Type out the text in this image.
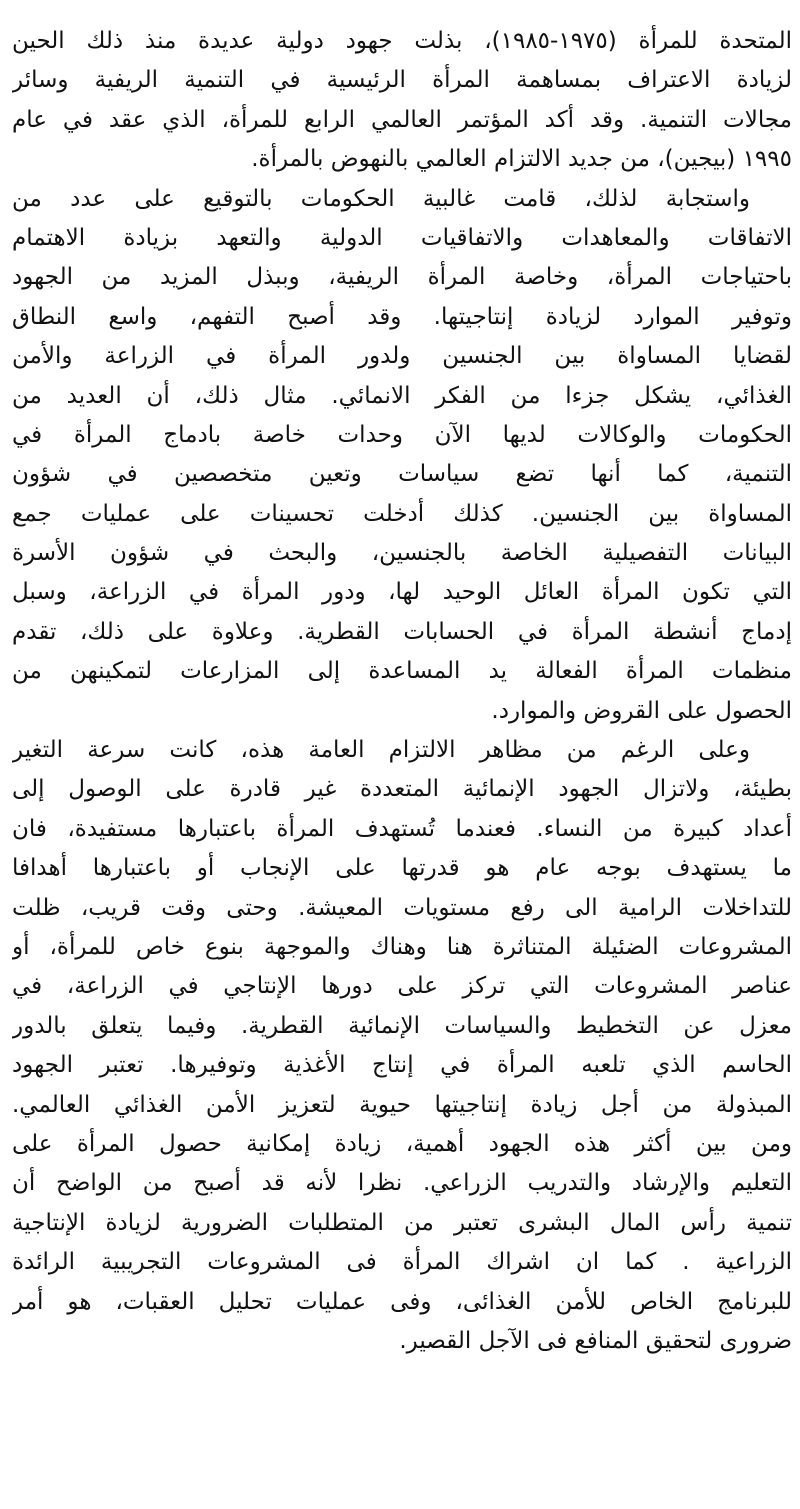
المتحدة للمرأة (١٩٧٥-١٩٨٥)، بذلت جهود دولية عديدة منذ ذلك الحين
لزيادة الاعتراف بمساهمة المرأة الرئيسية في التنمية الريفية وسائر
مجالات التنمية. وقد أكد المؤتمر العالمي الرابع للمرأة، الذي عقد في عام
١٩٩٥ (بيجين)، من جديد الالتزام العالمي بالنهوض بالمرأة.
واستجابة لذلك، قامت غالبية الحكومات بالتوقيع على عدد من
الاتفاقات والمعاهدات والاتفاقيات الدولية والتعهد بزيادة الاهتمام
باحتياجات المرأة، وخاصة المرأة الريفية، وببذل المزيد من الجهود
وتوفير الموارد لزيادة إنتاجيتها. وقد أصبح التفهم، واسع النطاق
لقضايا المساواة بين الجنسين ولدور المرأة في الزراعة والأمن
الغذائي، يشكل جزءا من الفكر الانمائي. مثال ذلك، أن العديد من
الحكومات والوكالات لديها الآن وحدات خاصة بادماج المرأة في
التنمية، كما أنها تضع سياسات وتعين متخصصين في شؤون
المساواة بين الجنسين. كذلك أدخلت تحسينات على عمليات جمع
البيانات التفصيلية الخاصة بالجنسين، والبحث في شؤون الأسرة
التي تكون المرأة العائل الوحيد لها، ودور المرأة في الزراعة، وسبل
إدماج أنشطة المرأة في الحسابات القطرية. وعلاوة على ذلك، تقدم
منظمات المرأة الفعالة يد المساعدة إلى المزارعات لتمكينهن من
الحصول على القروض والموارد.
وعلى الرغم من مظاهر الالتزام العامة هذه، كانت سرعة التغير
بطيئة، ولاتزال الجهود الإنمائية المتعددة غير قادرة على الوصول إلى
أعداد كبيرة من النساء. فعندما تُستهدف المرأة باعتبارها مستفيدة، فان
ما يستهدف بوجه عام هو قدرتها على الإنجاب أو باعتبارها أهدافا
للتداخلات الرامية الى رفع مستويات المعيشة. وحتى وقت قريب، ظلت
المشروعات الضئيلة المتناثرة هنا وهناك والموجهة بنوع خاص للمرأة، أو
عناصر المشروعات التي تركز على دورها الإنتاجي في الزراعة، في
معزل عن التخطيط والسياسات الإنمائية القطرية. وفيما يتعلق بالدور
الحاسم الذي تلعبه المرأة في إنتاج الأغذية وتوفيرها. تعتبر الجهود
المبذولة من أجل زيادة إنتاجيتها حيوية لتعزيز الأمن الغذائي العالمي.
ومن بين أكثر هذه الجهود أهمية، زيادة إمكانية حصول المرأة على
التعليم والإرشاد والتدريب الزراعي. نظرا لأنه قد أصبح من الواضح أن
تنمية رأس المال البشرى تعتبر من المتطلبات الضرورية لزيادة الإنتاجية
الزراعية . كما ان اشراك المرأة فى المشروعات التجريبية الرائدة
للبرنامج الخاص للأمن الغذائى، وفى عمليات تحليل العقبات، هو أمر
ضرورى لتحقيق المنافع فى الآجل القصير.
